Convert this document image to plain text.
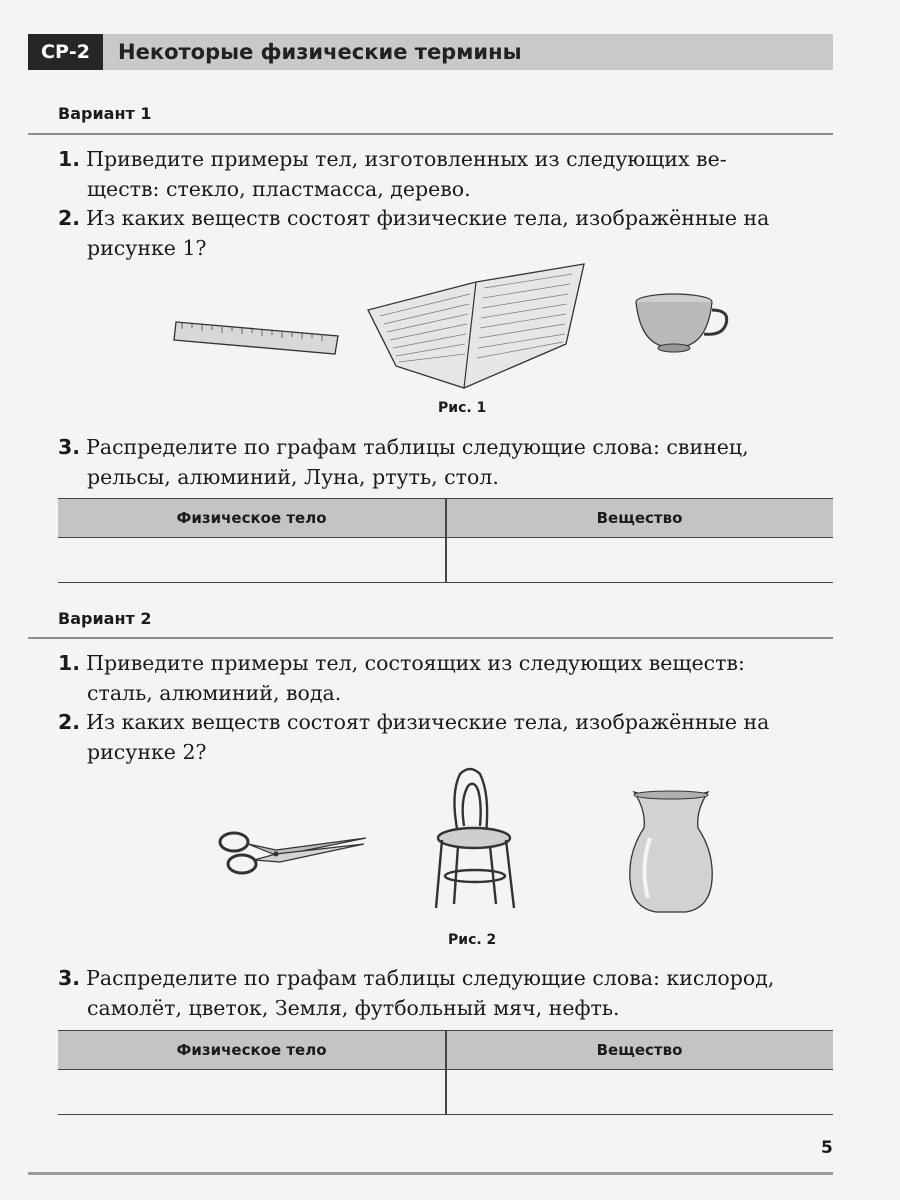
СР-2	Некоторые физические термины
Вариант 1
1. Приведите примеры тел, изготовленных из следующих ве-
ществ: стекло, пластмасса, дерево.
2. Из каких веществ состоят физические тела, изображённые на
рисунке 1?
Рис. 1
3. Распределите по графам таблицы следующие слова: свинец,
рельсы, алюминий, Луна, ртуть, стол.
Физическое тело	Вещество
Вариант 2
1. Приведите примеры тел, состоящих из следующих веществ:
сталь, алюминий, вода.
2. Из каких веществ состоят физические тела, изображённые на
рисунке 2?
Рис. 2
3. Распределите по графам таблицы следующие слова: кислород,
самолёт, цветок, Земля, футбольный мяч, нефть.
Физическое тело	Вещество
5
